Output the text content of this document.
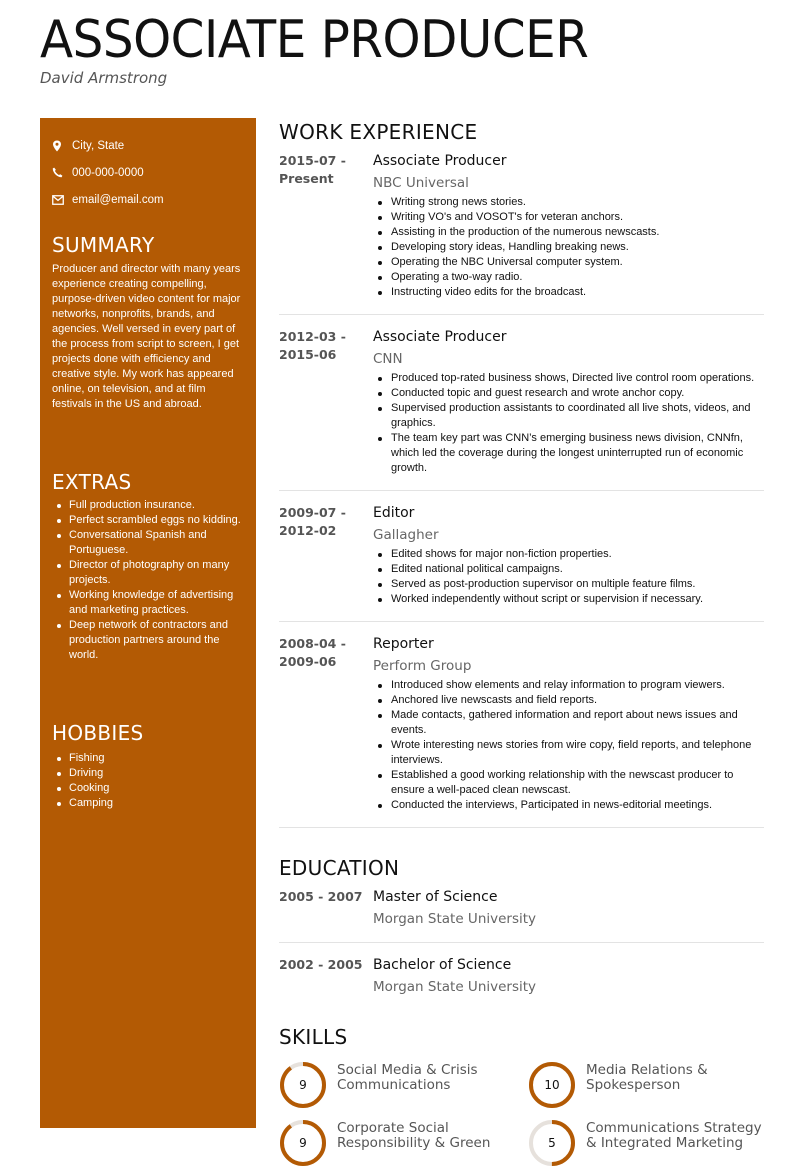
ASSOCIATE PRODUCER
David Armstrong
City, State
000-000-0000
email@email.com
SUMMARY

Producer and director with many years experience creating compelling, purpose-driven video content for major networks, nonprofits, brands, and agencies. Well versed in every part of the process from script to screen, I get projects done with efficiency and creative style. My work has appeared online, on television, and at film festivals in the US and abroad.

EXTRAS
Full production insurance.
Perfect scrambled eggs no kidding.
Conversational Spanish and Portuguese.
Director of photography on many projects.
Working knowledge of advertising and marketing practices.
Deep network of contractors and production partners around the world.
HOBBIES
Fishing
Driving
Cooking
Camping
WORK EXPERIENCE
2015-07 -
Present
Associate Producer
NBC Universal
Writing strong news stories.
Writing VO's and VOSOT's for veteran anchors.
Assisting in the production of the numerous newscasts.
Developing story ideas, Handling breaking news.
Operating the NBC Universal computer system.
Operating a two-way radio.
Instructing video edits for the broadcast.
2012-03 -
2015-06
Associate Producer
CNN
Produced top-rated business shows, Directed live control room operations.
Conducted topic and guest research and wrote anchor copy.
Supervised production assistants to coordinated all live shots, videos, and graphics.
The team key part was CNN’s emerging business news division, CNNfn, which led the coverage during the longest uninterrupted run of economic growth.
2009-07 -
2012-02
Editor
Gallagher
Edited shows for major non-fiction properties.
Edited national political campaigns.
Served as post-production supervisor on multiple feature films.
Worked independently without script or supervision if necessary.
2008-04 -
2009-06
Reporter
Perform Group
Introduced show elements and relay information to program viewers.
Anchored live newscasts and field reports.
Made contacts, gathered information and report about news issues and events.
Wrote interesting news stories from wire copy, field reports, and telephone interviews.
Established a good working relationship with the newscast producer to ensure a well-paced clean newscast.
Conducted the interviews, Participated in news-editorial meetings.
EDUCATION
2005 - 2007 Master of Science
Morgan State University
2002 - 2005 Bachelor of Science
Morgan State University
SKILLS
9
Social Media & Crisis Communications	10
Media Relations & Spokesperson
9
Corporate Social Responsibility & Green	5
Communications Strategy & Integrated Marketing
